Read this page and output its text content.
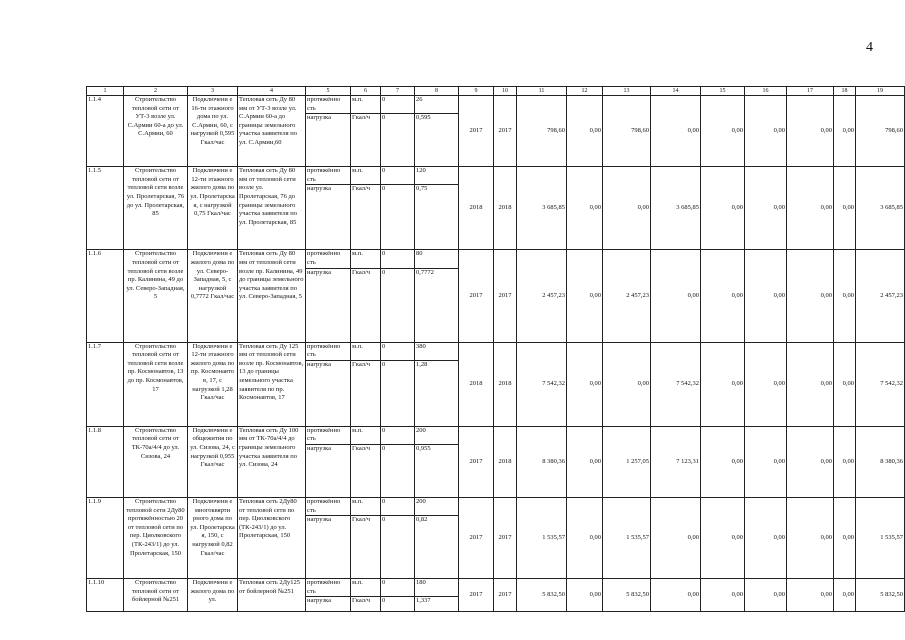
4
1	2	3	4	5	6	7	8	9	10	11	12	13	14	15	16	17	18	19
1.1.4	Строительство тепловой сети от УТ-3 возле ул. С.Армии 60-а до ул. С.Армии, 60	Подключени е 16-ти этажного дома по ул. С.Армии, 60, с нагрузкой 0,595 Гкал/час	Тепловая сеть Ду 80 мм от УТ-3 возле ул. С.Армии 60-а до границы земельного участка заявителя по ул. С.Армии,60	протяжённо сть	м.п.	0	26	2017	2017	798,60	0,00	798,60	0,00	0,00	0,00	0,00	0,00	798,60
				нагрузка	Гкал/ч	0	0,595											
1.1.5	Строительство тепловой сети от тепловой сети возле ул. Пролетарская, 76 до ул. Пролетарская, 85	Подключени е 12-ти этажного жилого дома по ул. Пролетарска я, с нагрузкой 0,75 Гкал/час	Тепловая сеть Ду 80 мм от тепловой сети возле ул. Пролетарская, 76 до границы земельного участка заявителя по ул. Пролетарская, 85	протяжённо сть	м.п.	0	120	2018	2018	3 685,85	0,00	0,00	3 685,85	0,00	0,00	0,00	0,00	3 685,85
				нагрузка	Гкал/ч	0	0,75											
1.1.6	Строительство тепловой сети от тепловой сети возле пр. Калинина, 49 до ул. Северо-Западная, 5	Подключени е жилого дома по ул. Северо-Западная, 5, с нагрузкой 0,7772 Гкал/час	Тепловая сеть Ду 80 мм от тепловой сети возле пр. Калинина, 49 до границы земельного участка заявителя по ул. Северо-Западная, 5	протяжённо сть	м.п.	0	80	2017	2017	2 457,23	0,00	2 457,23	0,00	0,00	0,00	0,00	0,00	2 457,23
				нагрузка	Гкал/ч	0	0,7772											
1.1.7	Строительство тепловой сети от тепловой сети возле пр. Космонавтов, 13 до пр. Космонавтов, 17	Подключени е 12-ти этажного жилого дома по пр. Космонавто в, 17, с нагрузкой 1,28 Гкал/час	Тепловая сеть Ду 125 мм от тепловой сети возле пр. Космонавтов, 13 до границы земельного участка заявителя по пр. Космонавтов, 17	протяжённо сть	м.п.	0	380	2018	2018	7 542,32	0,00	0,00	7 542,32	0,00	0,00	0,00	0,00	7 542,32
				нагрузка	Гкал/ч	0	1,28											
1.1.8	Строительство тепловой сети от ТК-70а/4/4 до ул. Сизова, 24	Подключени е общежития по ул. Сизова, 24, с нагрузкой 0,955 Гкал/час	Тепловая сеть Ду 100 мм от ТК-70а/4/4 до границы земельного участка заявителя по ул. Сизова, 24	протяжённо сть	м.п.	0	200	2017	2018	8 380,36	0,00	1 257,05	7 123,31	0,00	0,00	0,00	0,00	8 380,36
				нагрузка	Гкал/ч	0	0,955											
1.1.9	Строительство тепловой сети 2Ду80 протяжённостью 20 от тепловой сети по пер. Циолковского (ТК-243/1) до ул. Пролетарская, 150	Подключени е многоквярти рного дома по ул. Пролетарска я, 150, с нагрузкой 0,82 Гкал/час	Тепловая сеть 2Ду80 от тепловой сети по пер. Циолковского (ТК-243/1) до ул. Пролетарская, 150	протяжённо сть	м.п.	0	200	2017	2017	1 535,57	0,00	1 535,57	0,00	0,00	0,00	0,00	0,00	1 535,57
				нагрузка	Гкал/ч	0	0,82											
1.1.10	Строительство тепловой сети от бойлерной №251	Подключени е жилого дома по ул.	Тепловая сеть 2Ду125 от бойлерной №251	протяжённо сть	м.п.	0	180	2017	2017	5 832,50	0,00	5 832,50	0,00	0,00	0,00	0,00	0,00	5 832,50
				нагрузка	Гкал/ч	0	1,337											
